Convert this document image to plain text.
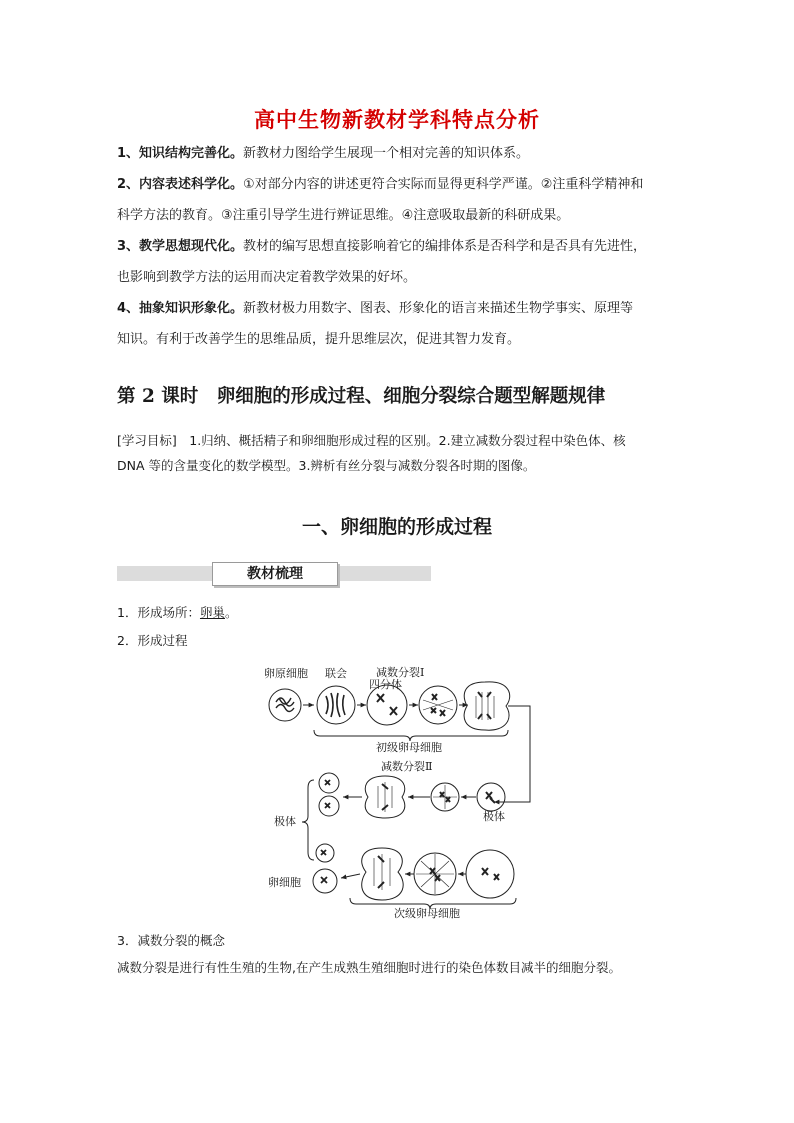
高中生物新教材学科特点分析
1、知识结构完善化。新教材力图给学生展现一个相对完善的知识体系。
2、内容表述科学化。①对部分内容的讲述更符合实际而显得更科学严谨。②注重科学精神和
科学方法的教育。③注重引导学生进行辨证思维。④注意吸取最新的科研成果。
3、教学思想现代化。教材的编写思想直接影响着它的编排体系是否科学和是否具有先进性，
也影响到教学方法的运用而决定着教学效果的好坏。
4、抽象知识形象化。新教材极力用数字、图表、形象化的语言来描述生物学事实、原理等
知识。有利于改善学生的思维品质，提升思维层次，促进其智力发育。
第 2 课时　卵细胞的形成过程、细胞分裂综合题型解题规律
[学习目标]　1.归纳、概括精子和卵细胞形成过程的区别。2.建立减数分裂过程中染色体、核
DNA 等的含量变化的数学模型。3.辨析有丝分裂与减数分裂各时期的图像。
一、卵细胞的形成过程
教材梳理
1．形成场所：卵巢。
2．形成过程
卵原细胞 联会	减数分裂Ⅰ
四分体
初级卵母细胞
减数分裂Ⅱ
极体
极体
卵细胞
次级卵母细胞
3．减数分裂的概念
减数分裂是进行有性生殖的生物,在产生成熟生殖细胞时进行的染色体数目减半的细胞分裂。
